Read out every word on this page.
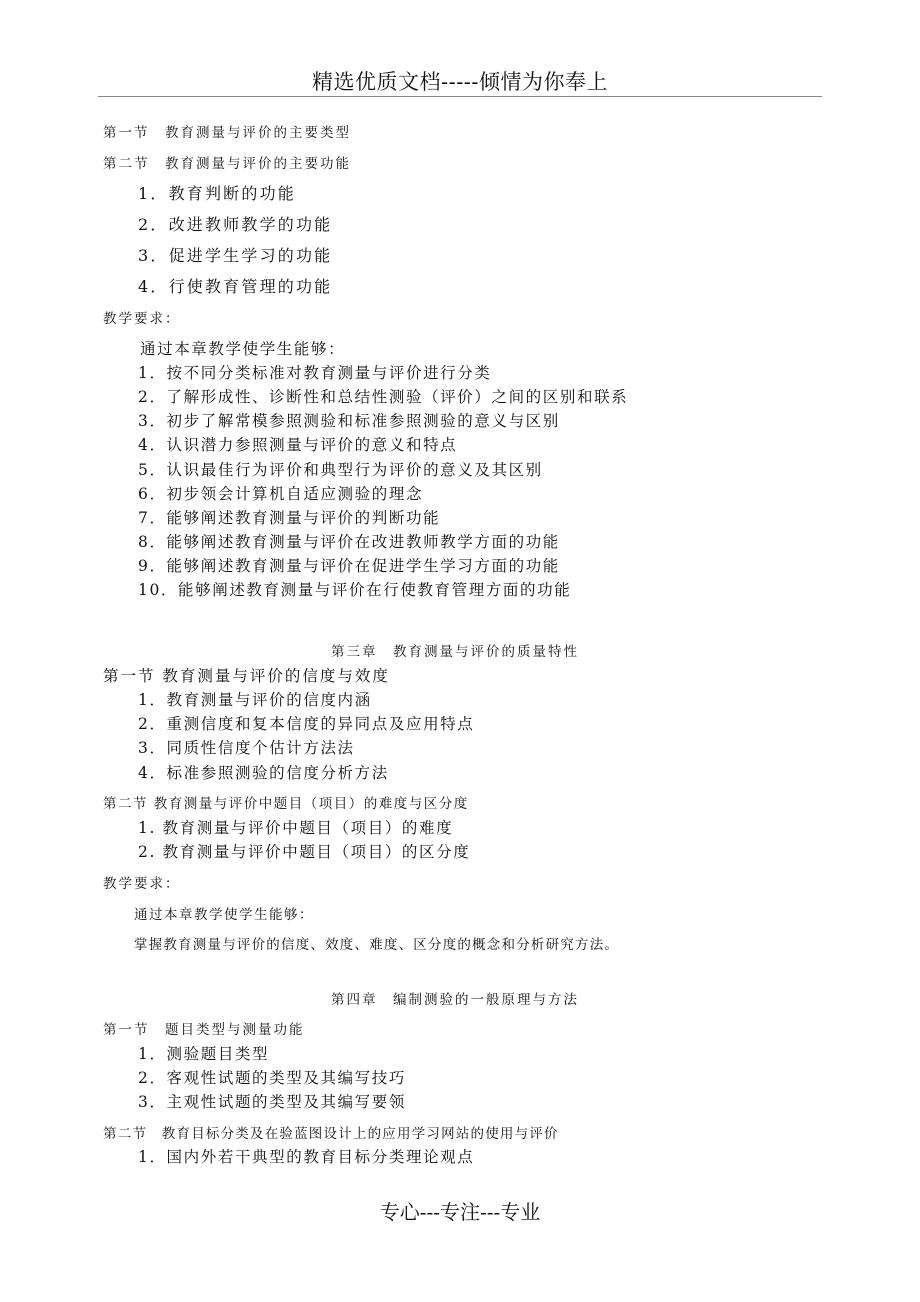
精选优质文档-----倾情为你奉上
第一节　教育测量与评价的主要类型
第二节　教育测量与评价的主要功能
1．教育判断的功能
2．改进教师教学的功能
3．促进学生学习的功能
4．行使教育管理的功能
教学要求：
通过本章教学使学生能够：
1．按不同分类标准对教育测量与评价进行分类
2．了解形成性、诊断性和总结性测验（评价）之间的区别和联系
3．初步了解常模参照测验和标准参照测验的意义与区别
4．认识潜力参照测量与评价的意义和特点
5．认识最佳行为评价和典型行为评价的意义及其区别
6．初步领会计算机自适应测验的理念
7．能够阐述教育测量与评价的判断功能
8．能够阐述教育测量与评价在改进教师教学方面的功能
9．能够阐述教育测量与评价在促进学生学习方面的功能
10．能够阐述教育测量与评价在行使教育管理方面的功能
第三章　教育测量与评价的质量特性
第一节 教育测量与评价的信度与效度
1．教育测量与评价的信度内涵
2．重测信度和复本信度的异同点及应用特点
3．同质性信度个估计方法法
4．标准参照测验的信度分析方法
第二节 教育测量与评价中题目（项目）的难度与区分度
1. 教育测量与评价中题目（项目）的难度
2. 教育测量与评价中题目（项目）的区分度
教学要求：
通过本章教学使学生能够：
掌握教育测量与评价的信度、效度、难度、区分度的概念和分析研究方法。
第四章　编制测验的一般原理与方法
第一节　题目类型与测量功能
1．测验题目类型
2．客观性试题的类型及其编写技巧
3．主观性试题的类型及其编写要领
第二节　教育目标分类及在验蓝图设计上的应用学习网站的使用与评价
1．国内外若干典型的教育目标分类理论观点
专心---专注---专业
